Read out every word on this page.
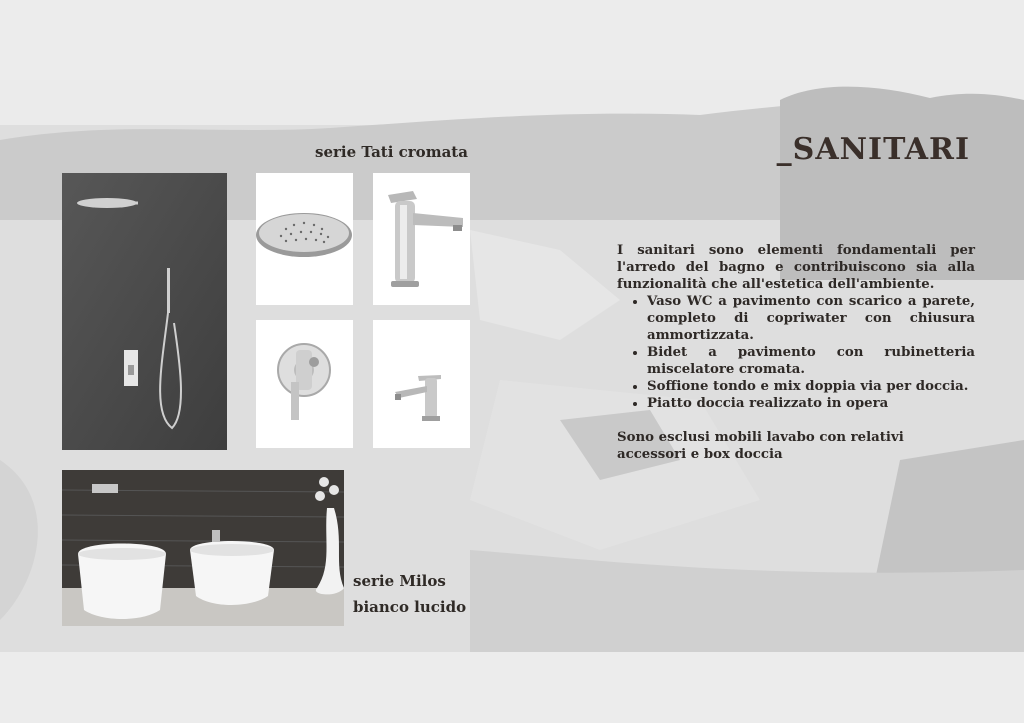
_SANITARI
serie Tati cromata
serie Milos
bianco lucido

I sanitari sono elementi fondamentali per l'arredo del bagno e contribuiscono sia alla funzionalità che all'estetica dell'ambiente.

• Vaso WC a pavimento con scarico a parete, completo di copriwater con chiusura ammortizzata.
• Bidet a pavimento con rubinetteria miscelatore cromata.
• Soffione tondo e mix doppia via per doccia.
• Piatto doccia realizzato in opera

Sono esclusi mobili lavabo con relativi accessori e box doccia
